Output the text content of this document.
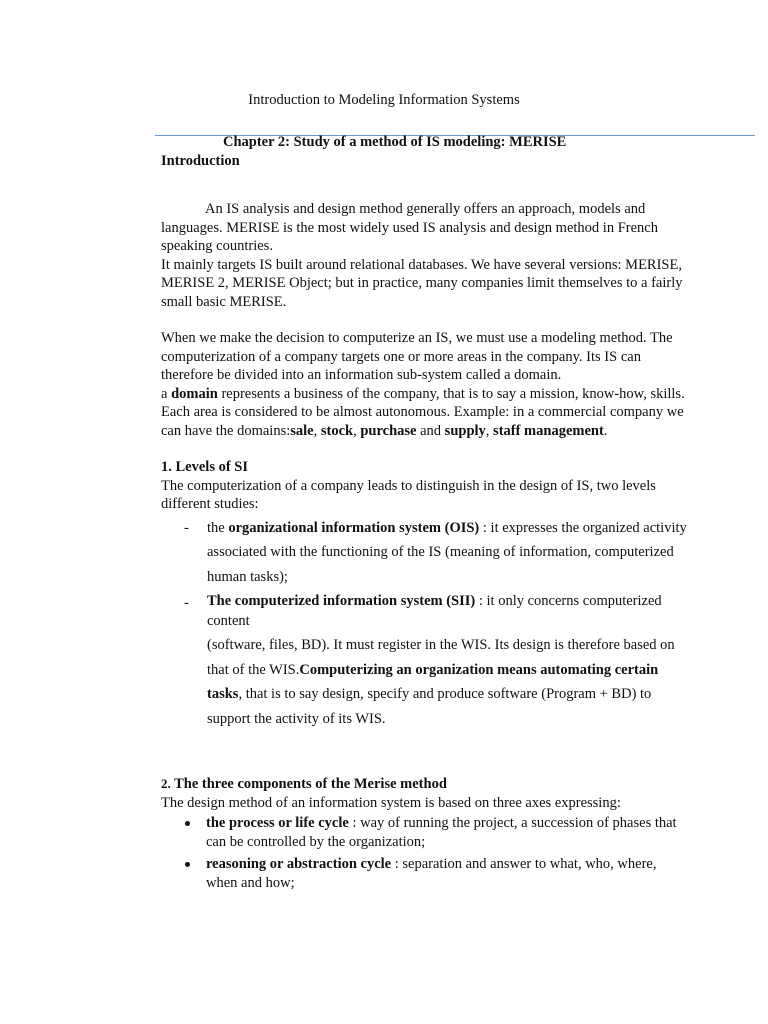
Introduction to Modeling Information Systems

Chapter 2: Study of a method of IS modeling: MERISE

Introduction

An IS analysis and design method generally offers an approach, models and languages. MERISE is the most widely used IS analysis and design method in French speaking countries.

It mainly targets IS built around relational databases. We have several versions: MERISE, MERISE 2, MERISE Object; but in practice, many companies limit themselves to a fairly small basic MERISE.

When we make the decision to computerize an IS, we must use a modeling method. The computerization of a company targets one or more areas in the company. Its IS can therefore be divided into an information sub-system called a domain.

a domain represents a business of the company, that is to say a mission, know-how, skills. Each area is considered to be almost autonomous. Example: in a commercial company we can have the domains:sale, stock, purchase and supply, staff management.

1. Levels of SI

The computerization of a company leads to distinguish in the design of IS, two levels different studies:

- the organizational information system (OIS) : it expresses the organized activity associated with the functioning of the IS (meaning of information, computerized human tasks);
- The computerized information system (SII) : it only concerns computerized content
(software, files, BD). It must register in the WIS. Its design is therefore based on that of the WIS.Computerizing an organization means automating certain tasks, that is to say design, specify and produce software (Program + BD) to support the activity of its WIS.

2. The three components of the Merise method

The design method of an information system is based on three axes expressing:

the process or life cycle : way of running the project, a succession of phases that can be controlled by the organization;
reasoning or abstraction cycle : separation and answer to what, who, where, when and how;
